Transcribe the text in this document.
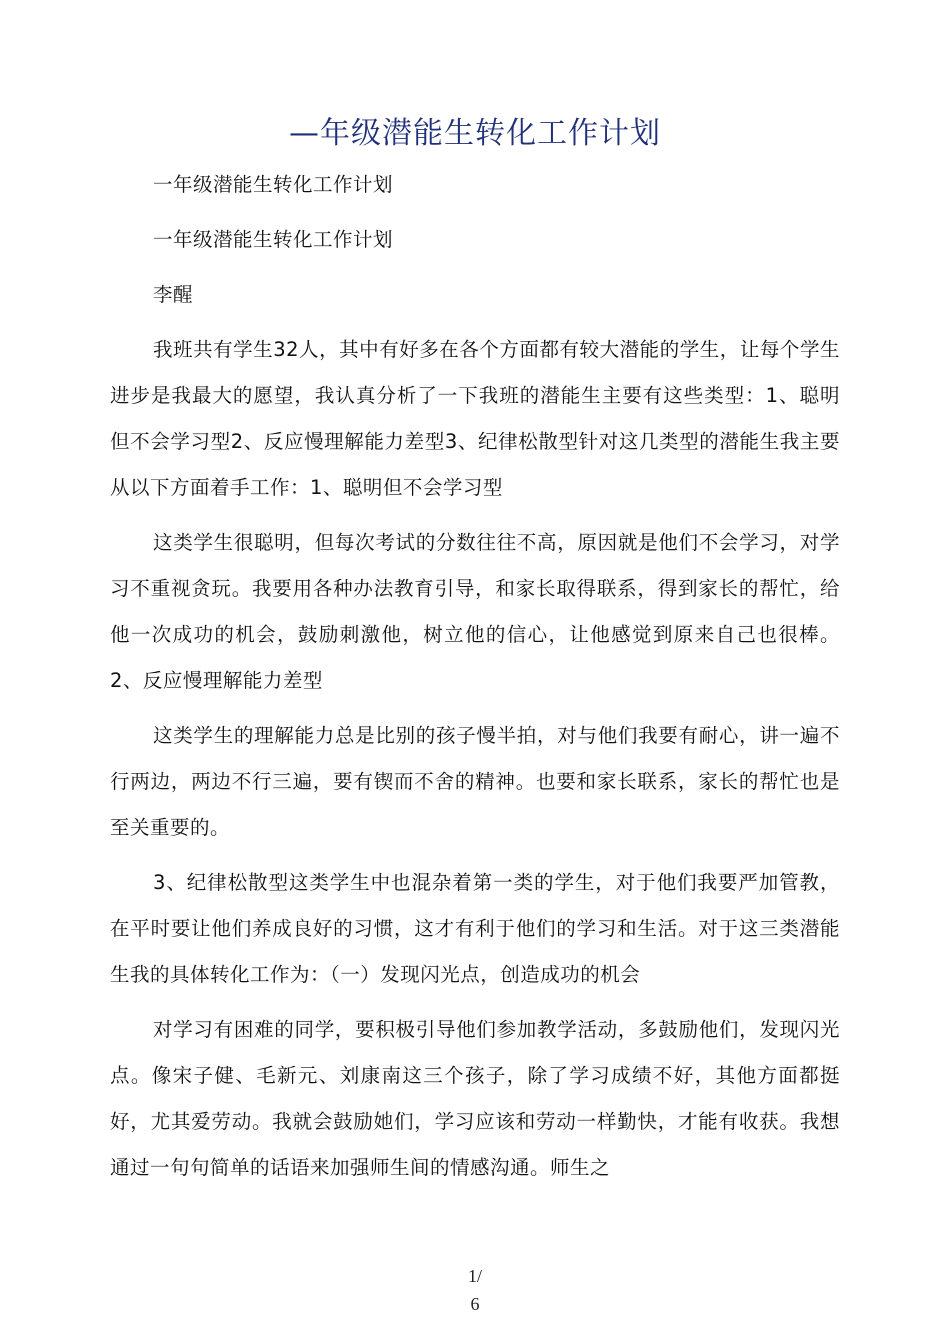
—年级潜能生转化工作计划

一年级潜能生转化工作计划

一年级潜能生转化工作计划

李醒

我班共有学生32人，其中有好多在各个方面都有较大潜能的学生，让每个学生进步是我最大的愿望，我认真分析了一下我班的潜能生主要有这些类型：1、聪明但不会学习型2、反应慢理解能力差型3、纪律松散型针对这几类型的潜能生我主要从以下方面着手工作：1、聪明但不会学习型

这类学生很聪明，但每次考试的分数往往不高，原因就是他们不会学习，对学习不重视贪玩。我要用各种办法教育引导，和家长取得联系，得到家长的帮忙，给他一次成功的机会，鼓励刺激他，树立他的信心，让他感觉到原来自己也很棒。2、反应慢理解能力差型

这类学生的理解能力总是比别的孩子慢半拍，对与他们我要有耐心，讲一遍不行两边，两边不行三遍，要有锲而不舍的精神。也要和家长联系，家长的帮忙也是至关重要的。

3、纪律松散型这类学生中也混杂着第一类的学生，对于他们我要严加管教，在平时要让他们养成良好的习惯，这才有利于他们的学习和生活。对于这三类潜能生我的具体转化工作为：（一）发现闪光点，创造成功的机会

对学习有困难的同学，要积极引导他们参加教学活动，多鼓励他们，发现闪光点。像宋子健、毛新元、刘康南这三个孩子，除了学习成绩不好，其他方面都挺好，尤其爱劳动。我就会鼓励她们，学习应该和劳动一样勤快，才能有收获。我想通过一句句简单的话语来加强师生间的情感沟通。师生之

1/
6
